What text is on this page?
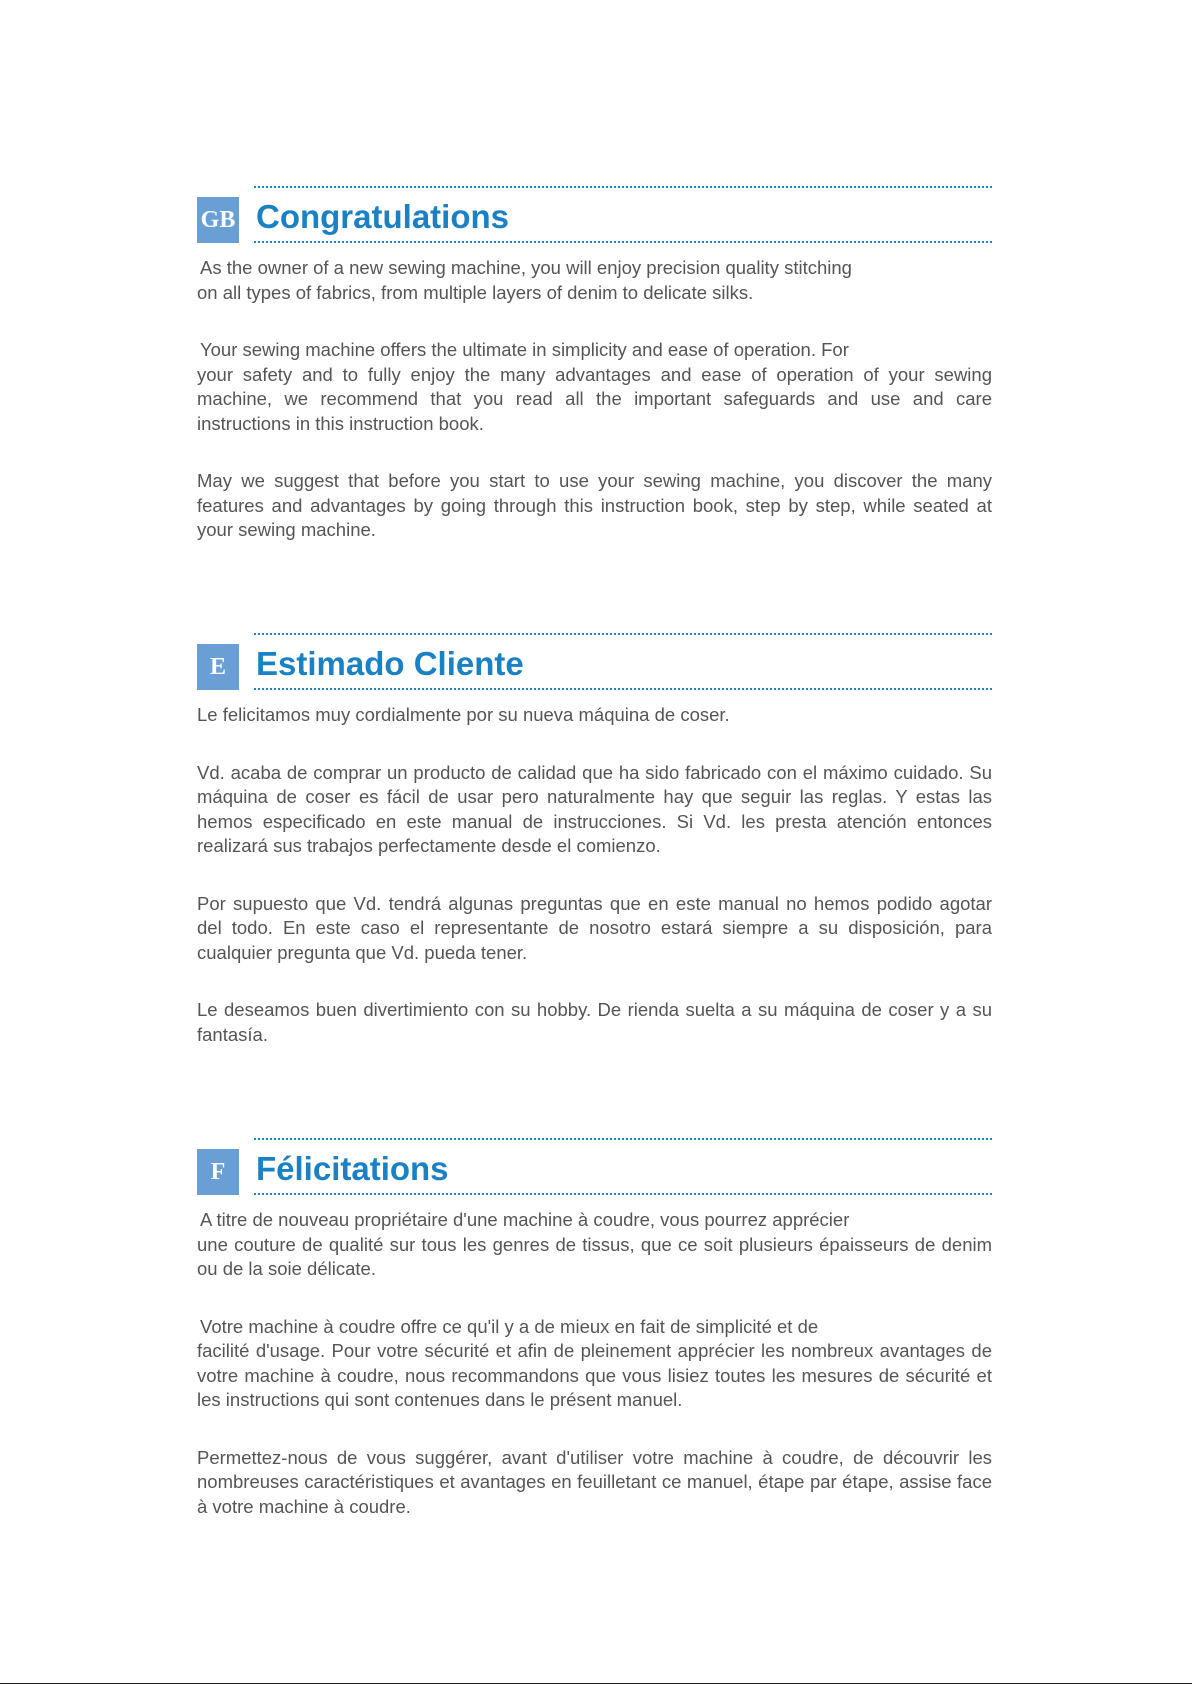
GB Congratulations

As the owner of a new sewing machine, you will enjoy precision quality stitching
on all types of fabrics, from multiple layers of denim to delicate silks.

Your sewing machine offers the ultimate in simplicity and ease of operation. For
your safety and to fully enjoy the many advantages and ease of operation of your sewing machine, we recommend that you read all the important safeguards and use and care instructions in this instruction book.

May we suggest that before you start to use your sewing machine, you discover the many features and advantages by going through this instruction book, step by step, while seated at your sewing machine.

E Estimado Cliente

Le felicitamos muy cordialmente por su nueva máquina de coser.

Vd. acaba de comprar un producto de calidad que ha sido fabricado con el máximo cuidado. Su máquina de coser es fácil de usar pero naturalmente hay que seguir las reglas. Y estas las hemos especificado en este manual de instrucciones. Si Vd. les presta atención entonces realizará sus trabajos perfectamente desde el comienzo.

Por supuesto que Vd. tendrá algunas preguntas que en este manual no hemos podido agotar del todo. En este caso el representante de nosotro estará siempre a su disposición, para cualquier pregunta que Vd. pueda tener.

Le deseamos buen divertimiento con su hobby. De rienda suelta a su máquina de coser y a su fantasía.

F Félicitations

A titre de nouveau propriétaire d'une machine à coudre, vous pourrez apprécier
une couture de qualité sur tous les genres de tissus, que ce soit plusieurs épaisseurs de denim ou de la soie délicate.

Votre machine à coudre offre ce qu'il y a de mieux en fait de simplicité et de
facilité d'usage. Pour votre sécurité et afin de pleinement apprécier les nombreux avantages de votre machine à coudre, nous recommandons que vous lisiez toutes les mesures de sécurité et les instructions qui sont contenues dans le présent manuel.

Permettez-nous de vous suggérer, avant d'utiliser votre machine à coudre, de découvrir les nombreuses caractéristiques et avantages en feuilletant ce manuel, étape par étape, assise face à votre machine à coudre.
